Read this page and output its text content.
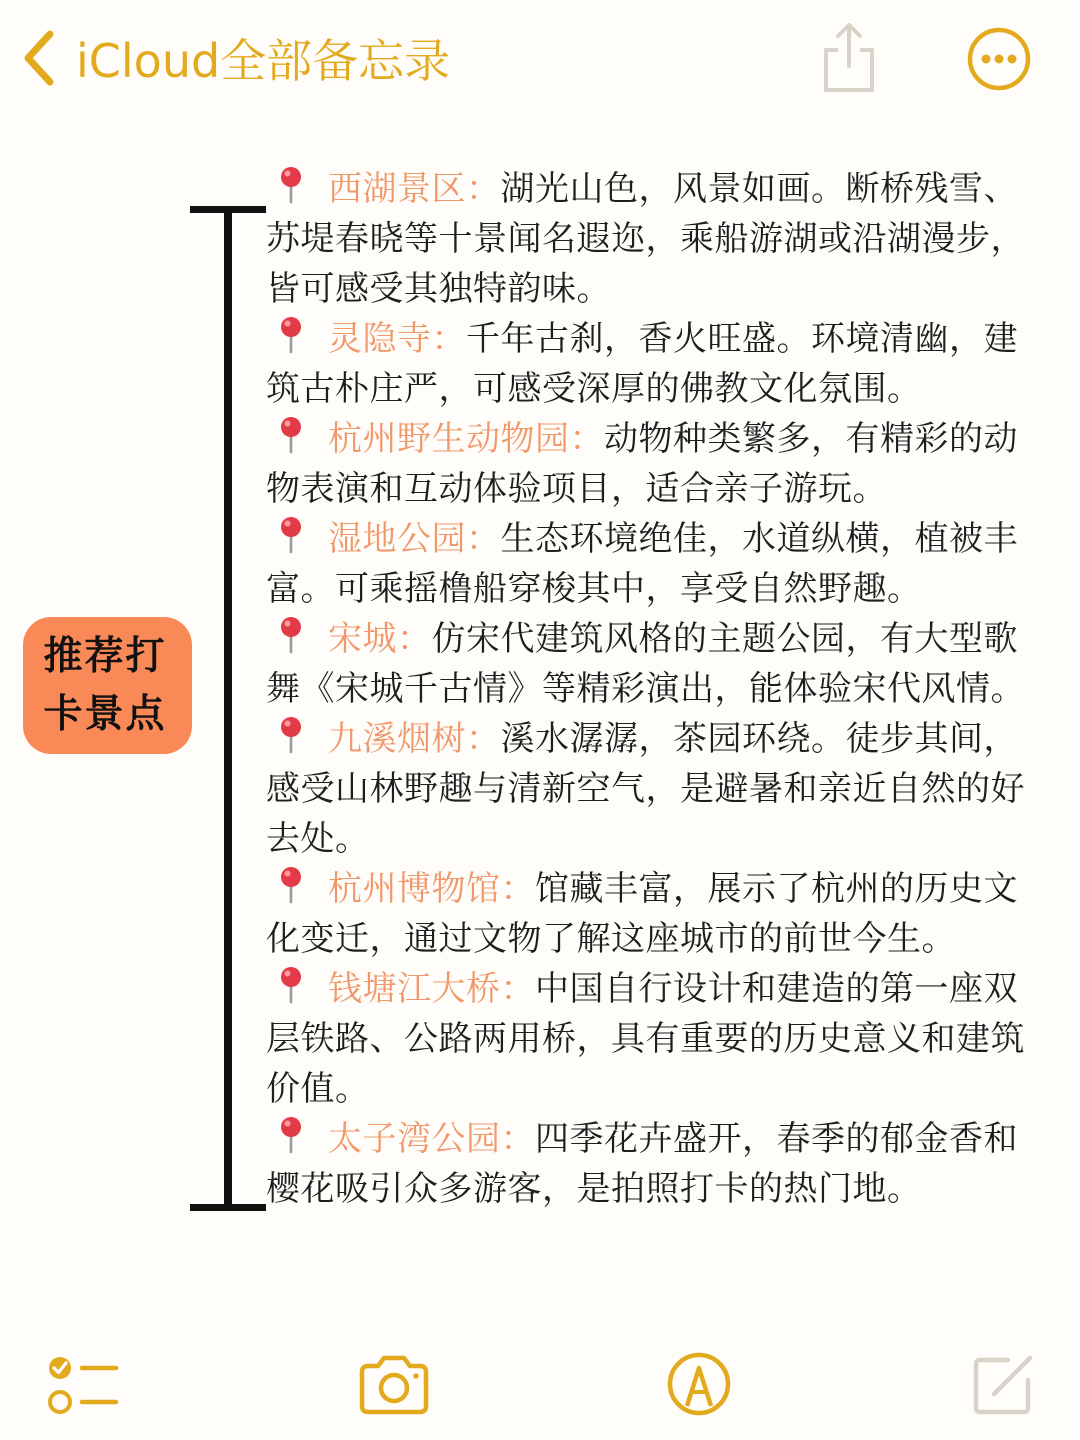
iCloud全部备忘录
推荐打
卡景点
西湖景区：湖光山色，风景如画。断桥残雪、苏堤春晓等十景闻名遐迩，乘船游湖或沿湖漫步，皆可感受其独特韵味。
灵隐寺：千年古刹，香火旺盛。环境清幽，建筑古朴庄严，可感受深厚的佛教文化氛围。
杭州野生动物园：动物种类繁多，有精彩的动物表演和互动体验项目，适合亲子游玩。
湿地公园：生态环境绝佳，水道纵横，植被丰富。可乘摇橹船穿梭其中，享受自然野趣。
宋城：仿宋代建筑风格的主题公园，有大型歌舞《宋城千古情》等精彩演出，能体验宋代风情。
九溪烟树：溪水潺潺，茶园环绕。徒步其间，感受山林野趣与清新空气，是避暑和亲近自然的好去处。
杭州博物馆：馆藏丰富，展示了杭州的历史文化变迁，通过文物了解这座城市的前世今生。
钱塘江大桥：中国自行设计和建造的第一座双层铁路、公路两用桥，具有重要的历史意义和建筑价值。
太子湾公园：四季花卉盛开，春季的郁金香和樱花吸引众多游客，是拍照打卡的热门地。
